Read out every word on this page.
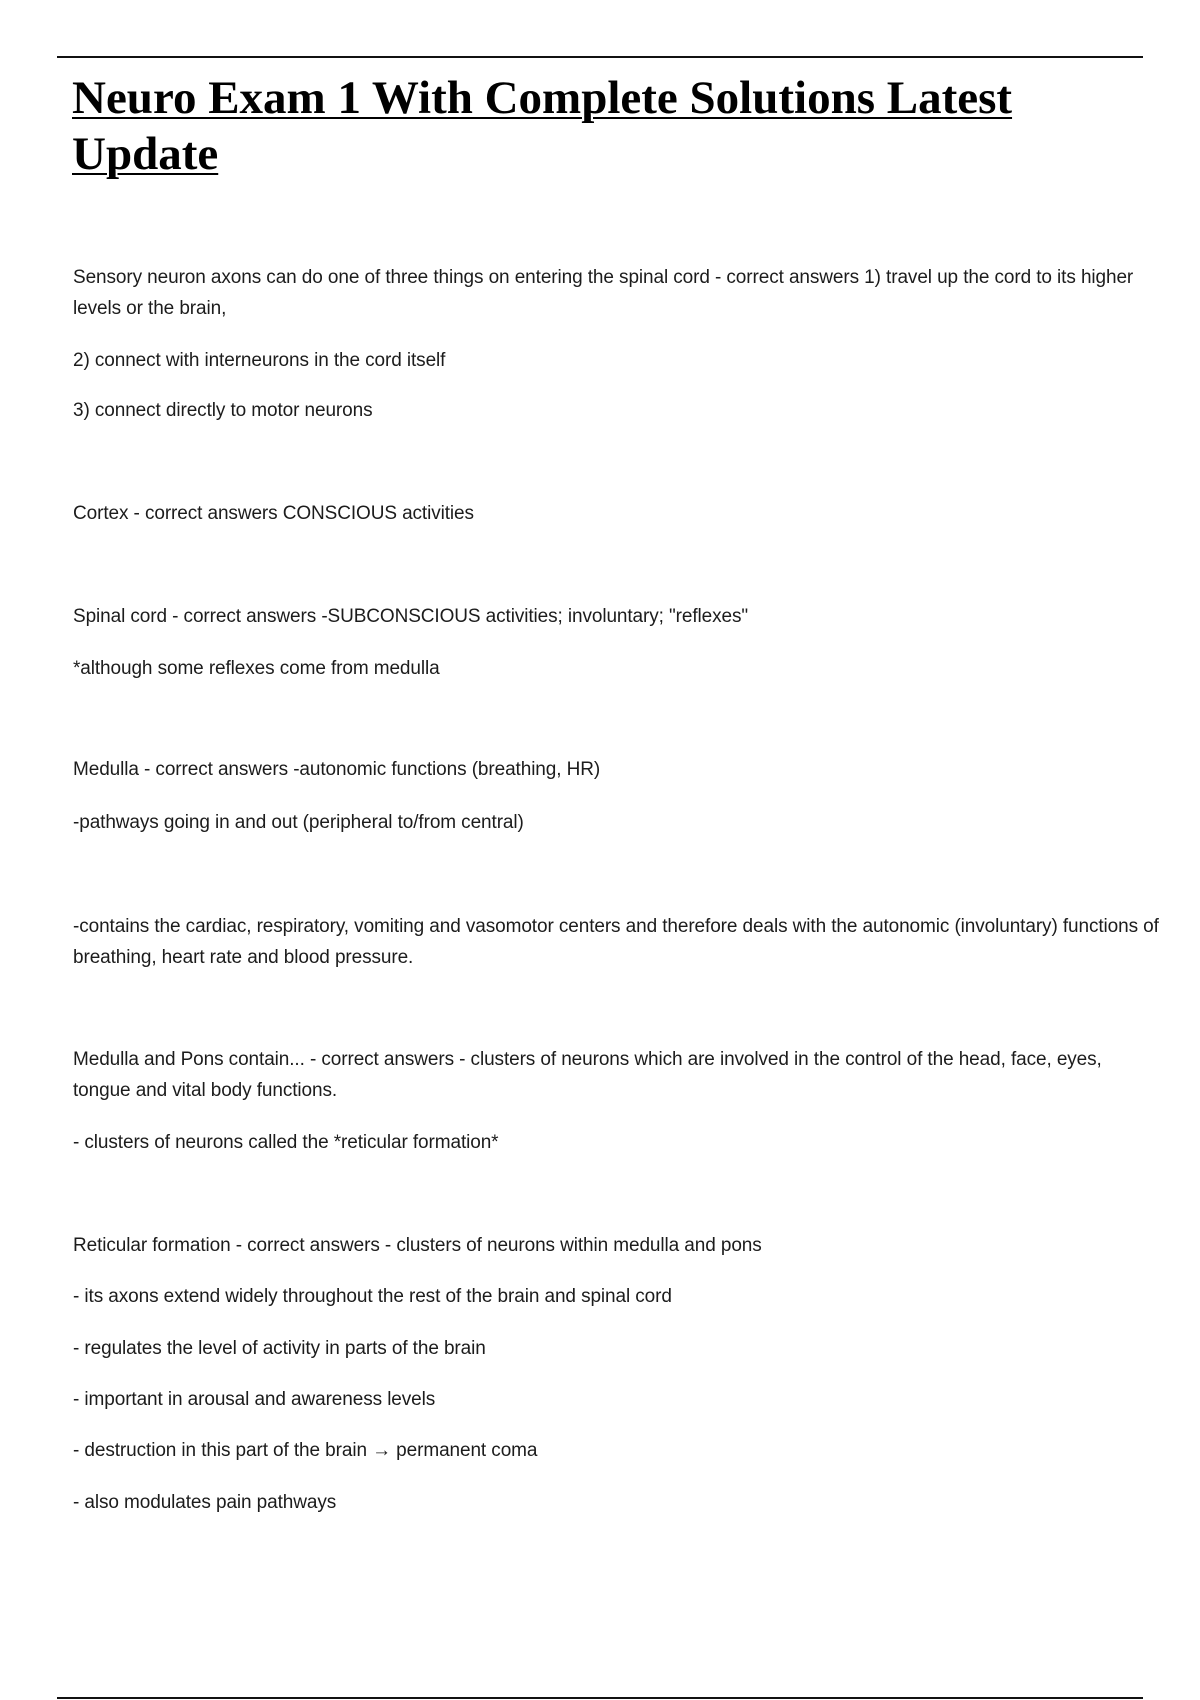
Neuro Exam 1 With Complete Solutions Latest Update

Sensory neuron axons can do one of three things on entering the spinal cord - correct answers 1) travel up the cord to its higher levels or the brain,

2) connect with interneurons in the cord itself

3) connect directly to motor neurons

Cortex - correct answers CONSCIOUS activities

Spinal cord - correct answers -SUBCONSCIOUS activities; involuntary; "reflexes"

*although some reflexes come from medulla

Medulla - correct answers -autonomic functions (breathing, HR)

-pathways going in and out (peripheral to/from central)

-contains the cardiac, respiratory, vomiting and vasomotor centers and therefore deals with the autonomic (involuntary) functions of breathing, heart rate and blood pressure.

Medulla and Pons contain... - correct answers - clusters of neurons which are involved in the control of the head, face, eyes, tongue and vital body functions.

- clusters of neurons called the *reticular formation*

Reticular formation - correct answers - clusters of neurons within medulla and pons

- its axons extend widely throughout the rest of the brain and spinal cord

- regulates the level of activity in parts of the brain

- important in arousal and awareness levels

- destruction in this part of the brain → permanent coma

- also modulates pain pathways
